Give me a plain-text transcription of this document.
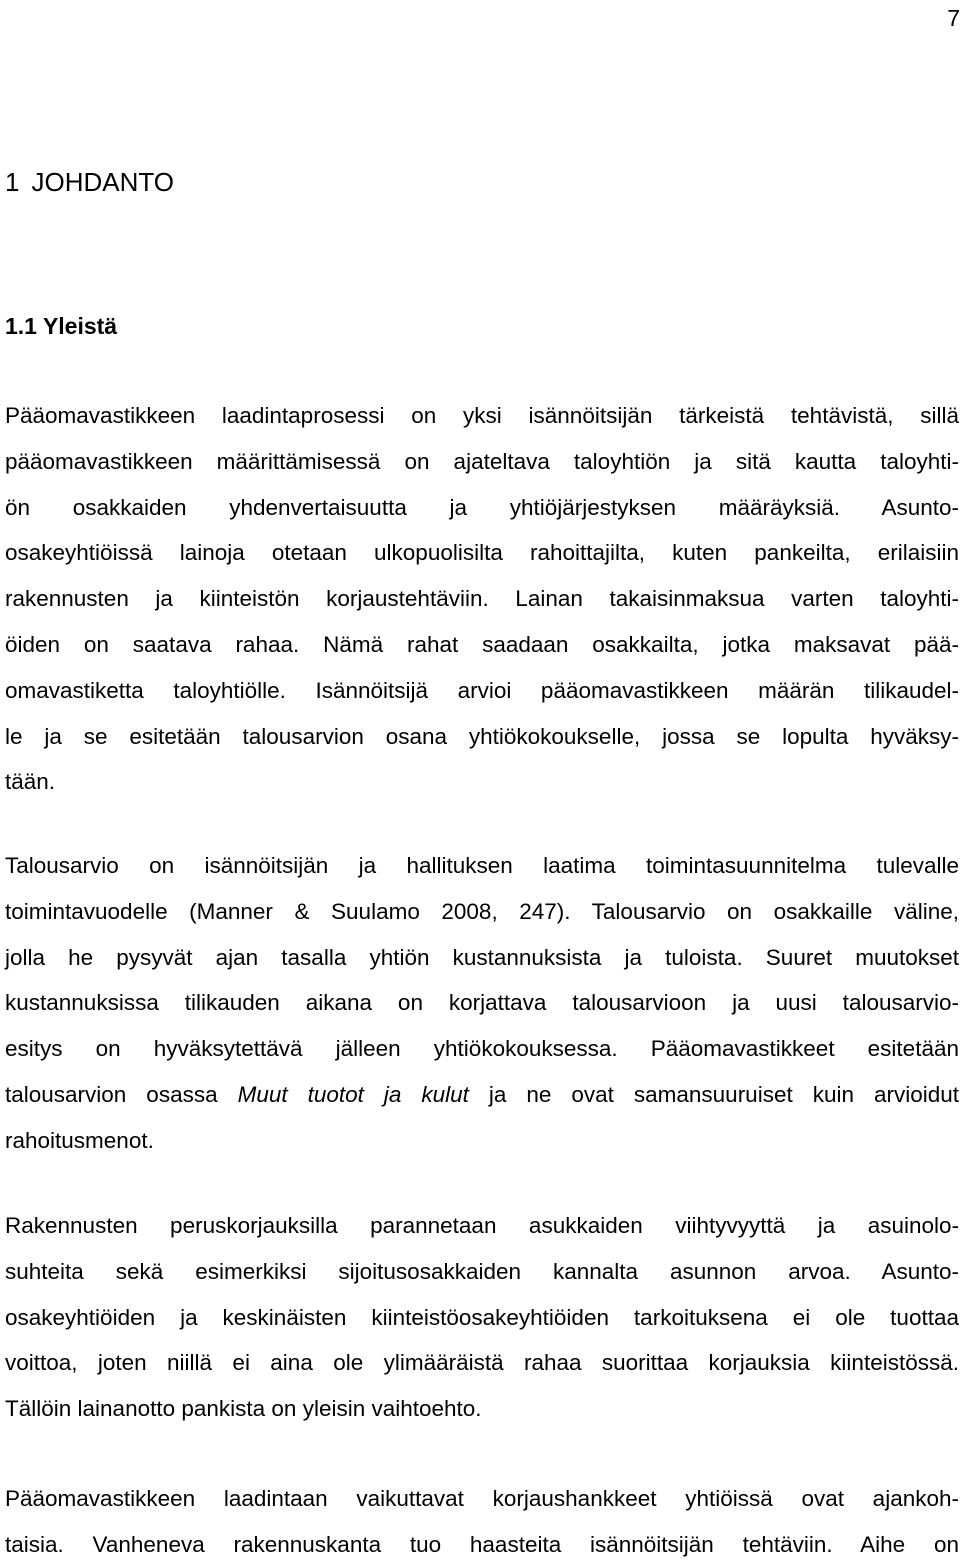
7
1 JOHDANTO
1.1 Yleistä
Pääomavastikkeen laadintaprosessi on yksi isännöitsijän tärkeistä tehtävistä, sillä
pääomavastikkeen määrittämisessä on ajateltava taloyhtiön ja sitä kautta taloyhti-
ön osakkaiden yhdenvertaisuutta ja yhtiöjärjestyksen määräyksiä. Asunto-
osakeyhtiöissä lainoja otetaan ulkopuolisilta rahoittajilta, kuten pankeilta, erilaisiin
rakennusten ja kiinteistön korjaustehtäviin. Lainan takaisinmaksua varten taloyhti-
öiden on saatava rahaa. Nämä rahat saadaan osakkailta, jotka maksavat pää-
omavastiketta taloyhtiölle. Isännöitsijä arvioi pääomavastikkeen määrän tilikaudel-
le ja se esitetään talousarvion osana yhtiökokoukselle, jossa se lopulta hyväksy-
tään.
Talousarvio on isännöitsijän ja hallituksen laatima toimintasuunnitelma tulevalle
toimintavuodelle (Manner & Suulamo 2008, 247). Talousarvio on osakkaille väline,
jolla he pysyvät ajan tasalla yhtiön kustannuksista ja tuloista. Suuret muutokset
kustannuksissa tilikauden aikana on korjattava talousarvioon ja uusi talousarvio-
esitys on hyväksytettävä jälleen yhtiökokouksessa. Pääomavastikkeet esitetään
talousarvion osassa Muut tuotot ja kulut ja ne ovat samansuuruiset kuin arvioidut
rahoitusmenot.
Rakennusten peruskorjauksilla parannetaan asukkaiden viihtyvyyttä ja asuinolo-
suhteita sekä esimerkiksi sijoitusosakkaiden kannalta asunnon arvoa. Asunto-
osakeyhtiöiden ja keskinäisten kiinteistöosakeyhtiöiden tarkoituksena ei ole tuottaa
voittoa, joten niillä ei aina ole ylimääräistä rahaa suorittaa korjauksia kiinteistössä.
Tällöin lainanotto pankista on yleisin vaihtoehto.
Pääomavastikkeen laadintaan vaikuttavat korjaushankkeet yhtiöissä ovat ajankoh-
taisia. Vanheneva rakennuskanta tuo haasteita isännöitsijän tehtäviin. Aihe on
